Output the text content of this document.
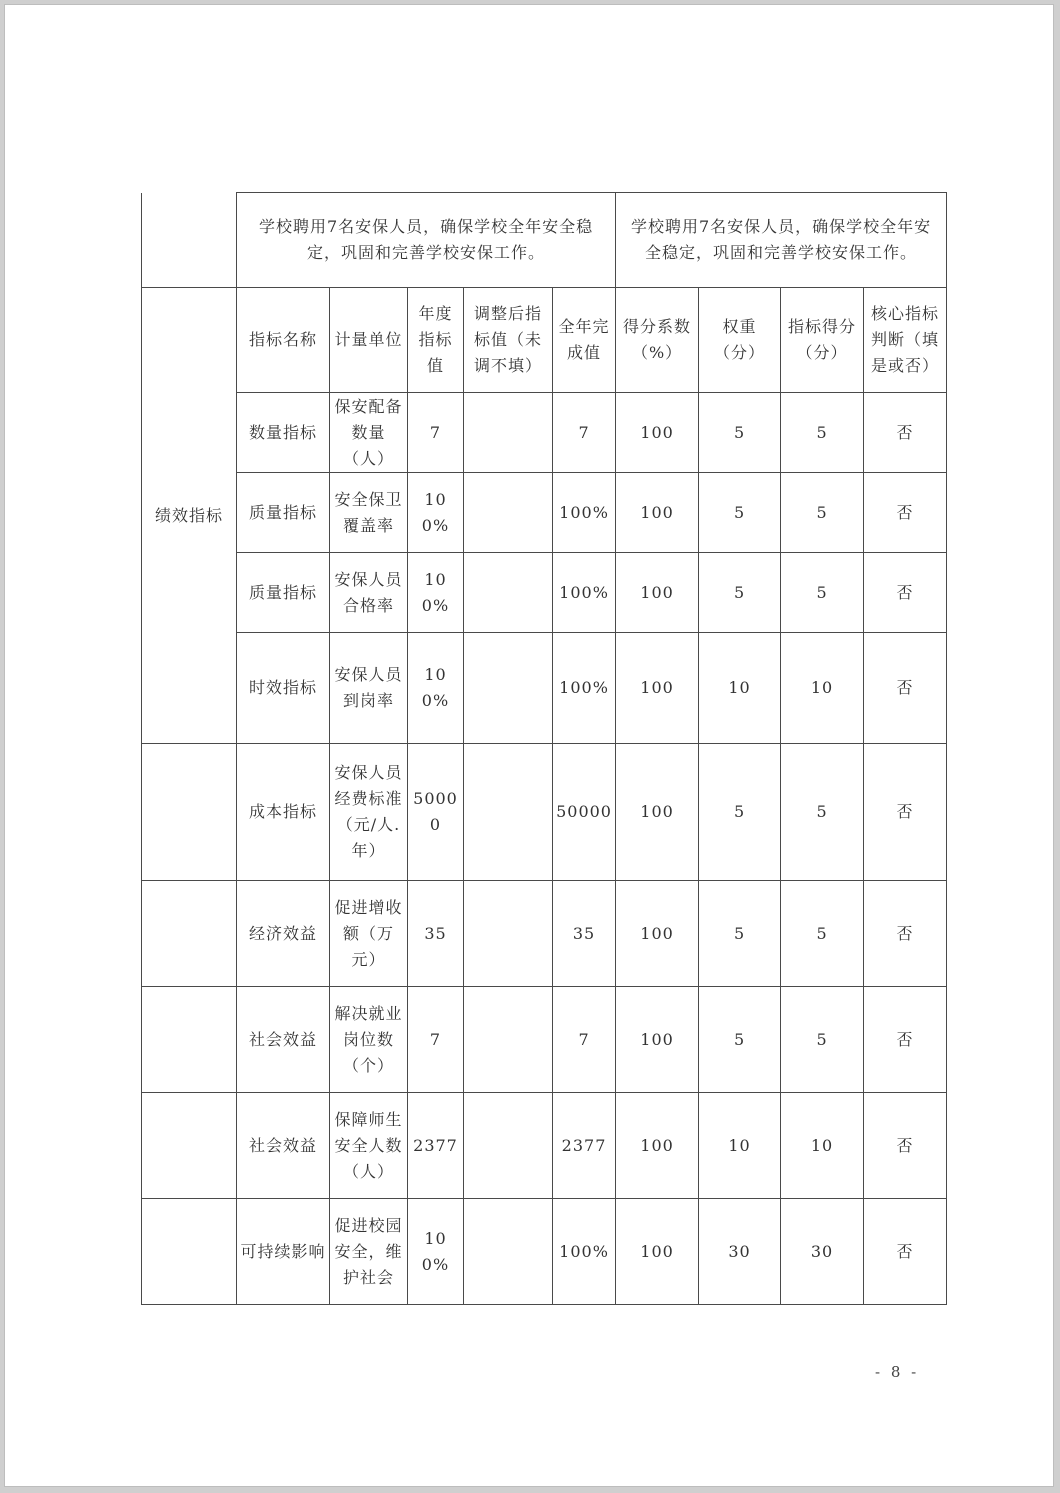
	学校聘用7名安保人员，确保学校全年安全稳定，巩固和完善学校安保工作。					学校聘用7名安保人员，确保学校全年安全稳定，巩固和完善学校安保工作。			
绩效指标	指标名称	计量单位	年度指标值	调整后指标值（未调不填）	全年完成值	得分系数（%）	权重（分）	指标得分（分）	核心指标判断（填是或否）
	数量指标	保安配备数量（人）	7		7	100	5	5	否
	质量指标	安全保卫覆盖率	100%		100%	100	5	5	否
	质量指标	安保人员合格率	100%		100%	100	5	5	否
	时效指标	安保人员到岗率	100%		100%	100	10	10	否
	成本指标	安保人员经费标准（元/人.年）	50000		50000	100	5	5	否
	经济效益	促进增收额（万元）	35		35	100	5	5	否
	社会效益	解决就业岗位数（个）	7		7	100	5	5	否
	社会效益	保障师生安全人数（人）	2377		2377	100	10	10	否
	可持续影响	促进校园安全，维护社会	100%		100%	100	30	30	否
- 8 -
